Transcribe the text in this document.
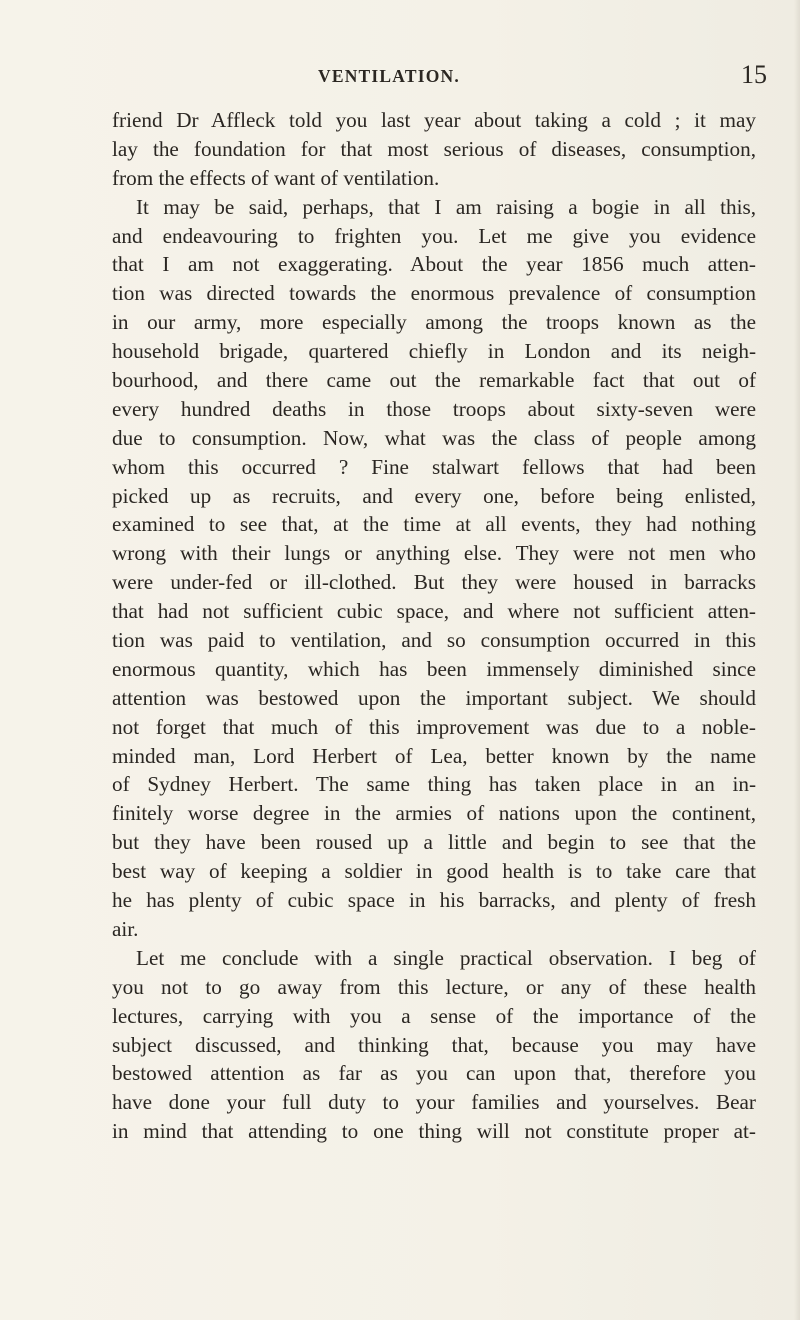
VENTILATION.	15
friend Dr Affleck told you last year about taking a cold ; it may
lay the foundation for that most serious of diseases, consumption,
from the effects of want of ventilation.
It may be said, perhaps, that I am raising a bogie in all this,
and endeavouring to frighten you. Let me give you evidence
that I am not exaggerating. About the year 1856 much atten-
tion was directed towards the enormous prevalence of consumption
in our army, more especially among the troops known as the
household brigade, quartered chiefly in London and its neigh-
bourhood, and there came out the remarkable fact that out of
every hundred deaths in those troops about sixty-seven were
due to consumption. Now, what was the class of people among
whom this occurred ? Fine stalwart fellows that had been
picked up as recruits, and every one, before being enlisted,
examined to see that, at the time at all events, they had nothing
wrong with their lungs or anything else. They were not men who
were under-fed or ill-clothed. But they were housed in barracks
that had not sufficient cubic space, and where not sufficient atten-
tion was paid to ventilation, and so consumption occurred in this
enormous quantity, which has been immensely diminished since
attention was bestowed upon the important subject. We should
not forget that much of this improvement was due to a noble-
minded man, Lord Herbert of Lea, better known by the name
of Sydney Herbert. The same thing has taken place in an in-
finitely worse degree in the armies of nations upon the continent,
but they have been roused up a little and begin to see that the
best way of keeping a soldier in good health is to take care that
he has plenty of cubic space in his barracks, and plenty of fresh
air.
Let me conclude with a single practical observation. I beg of
you not to go away from this lecture, or any of these health
lectures, carrying with you a sense of the importance of the
subject discussed, and thinking that, because you may have
bestowed attention as far as you can upon that, therefore you
have done your full duty to your families and yourselves. Bear
in mind that attending to one thing will not constitute proper at-
